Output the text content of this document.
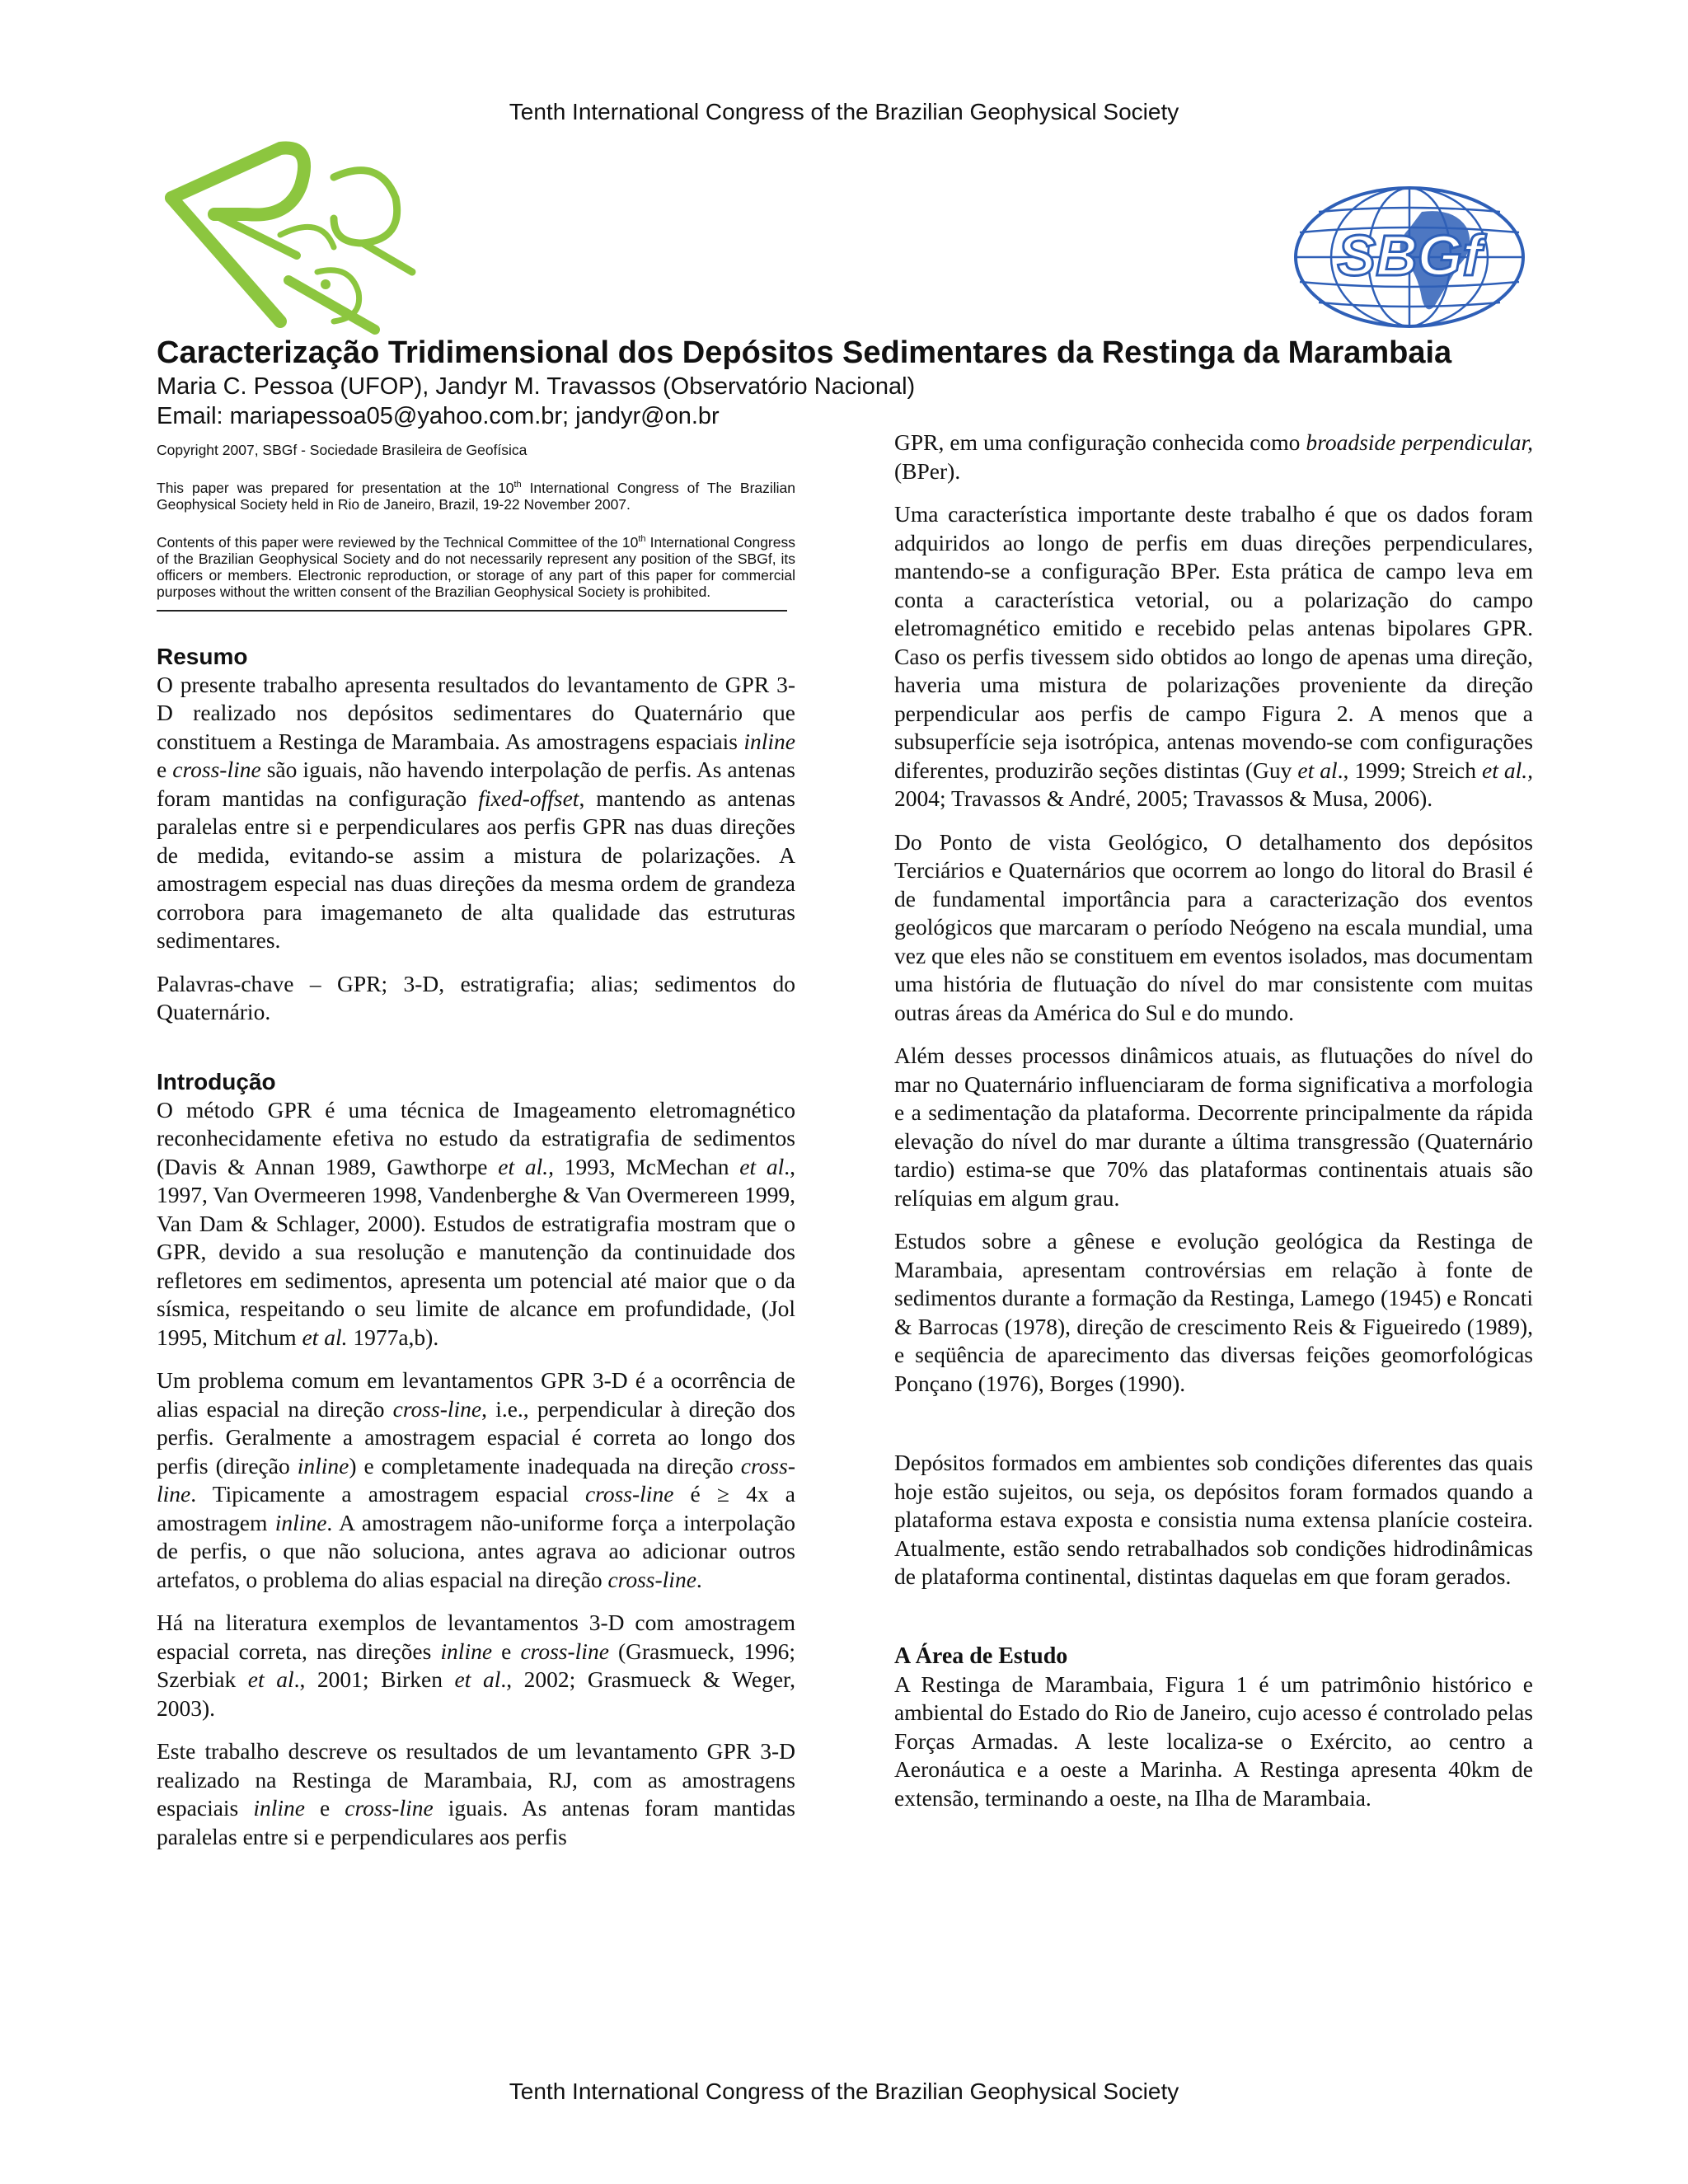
Tenth International Congress of the Brazilian Geophysical Society
SBGf
Caracterização Tridimensional dos Depósitos Sedimentares da Restinga da Marambaia

Maria C. Pessoa (UFOP), Jandyr M. Travassos (Observatório Nacional)

Email: mariapessoa05@yahoo.com.br; jandyr@on.br

Copyright 2007, SBGf - Sociedade Brasileira de Geofísica

This paper was prepared for presentation at the 10th International Congress of The Brazilian Geophysical Society held in Rio de Janeiro, Brazil, 19-22 November 2007.

Contents of this paper were reviewed by the Technical Committee of the 10th International Congress of the Brazilian Geophysical Society and do not necessarily represent any position of the SBGf, its officers or members. Electronic reproduction, or storage of any part of this paper for commercial purposes without the written consent of the Brazilian Geophysical Society is prohibited.

Resumo

O presente trabalho apresenta resultados do levantamento de GPR 3-D realizado nos depósitos sedimentares do Quaternário que constituem a Restinga de Marambaia. As amostragens espaciais inline e cross-line são iguais, não havendo interpolação de perfis. As antenas foram mantidas na configuração fixed-offset, mantendo as antenas paralelas entre si e perpendiculares aos perfis GPR nas duas direções de medida, evitando-se assim a mistura de polarizações. A amostragem especial nas duas direções da mesma ordem de grandeza corrobora para imagemaneto de alta qualidade das estruturas sedimentares.

Palavras-chave – GPR; 3-D, estratigrafia; alias; sedimentos do Quaternário.

Introdução

O método GPR é uma técnica de Imageamento eletromagnético reconhecidamente efetiva no estudo da estratigrafia de sedimentos (Davis & Annan 1989, Gawthorpe et al., 1993, McMechan et al., 1997, Van Overmeeren 1998, Vandenberghe & Van Overmereen 1999, Van Dam & Schlager, 2000). Estudos de estratigrafia mostram que o GPR, devido a sua resolução e manutenção da continuidade dos refletores em sedimentos, apresenta um potencial até maior que o da sísmica, respeitando o seu limite de alcance em profundidade, (Jol 1995, Mitchum et al. 1977a,b).

Um problema comum em levantamentos GPR 3-D é a ocorrência de alias espacial na direção cross-line, i.e., perpendicular à direção dos perfis. Geralmente a amostragem espacial é correta ao longo dos perfis (direção inline) e completamente inadequada na direção cross-line. Tipicamente a amostragem espacial cross-line é ≥ 4x a amostragem inline. A amostragem não-uniforme força a interpolação de perfis, o que não soluciona, antes agrava ao adicionar outros artefatos, o problema do alias espacial na direção cross-line.

Há na literatura exemplos de levantamentos 3-D com amostragem espacial correta, nas direções inline e cross-line (Grasmueck, 1996; Szerbiak et al., 2001; Birken et al., 2002; Grasmueck & Weger, 2003).

Este trabalho descreve os resultados de um levantamento GPR 3-D realizado na Restinga de Marambaia, RJ, com as amostragens espaciais inline e cross-line iguais. As antenas foram mantidas paralelas entre si e perpendiculares aos perfis

GPR, em uma configuração conhecida como broadside perpendicular, (BPer).

Uma característica importante deste trabalho é que os dados foram adquiridos ao longo de perfis em duas direções perpendiculares, mantendo-se a configuração BPer. Esta prática de campo leva em conta a característica vetorial, ou a polarização do campo eletromagnético emitido e recebido pelas antenas bipolares GPR. Caso os perfis tivessem sido obtidos ao longo de apenas uma direção, haveria uma mistura de polarizações proveniente da direção perpendicular aos perfis de campo Figura 2. A menos que a subsuperfície seja isotrópica, antenas movendo-se com configurações diferentes, produzirão seções distintas (Guy et al., 1999; Streich et al., 2004; Travassos & André, 2005; Travassos & Musa, 2006).

Do Ponto de vista Geológico, O detalhamento dos depósitos Terciários e Quaternários que ocorrem ao longo do litoral do Brasil é de fundamental importância para a caracterização dos eventos geológicos que marcaram o período Neógeno na escala mundial, uma vez que eles não se constituem em eventos isolados, mas documentam uma história de flutuação do nível do mar consistente com muitas outras áreas da América do Sul e do mundo.

Além desses processos dinâmicos atuais, as flutuações do nível do mar no Quaternário influenciaram de forma significativa a morfologia e a sedimentação da plataforma. Decorrente principalmente da rápida elevação do nível do mar durante a última transgressão (Quaternário tardio) estima-se que 70% das plataformas continentais atuais são relíquias em algum grau.

Estudos sobre a gênese e evolução geológica da Restinga de Marambaia, apresentam controvérsias em relação à fonte de sedimentos durante a formação da Restinga, Lamego (1945) e Roncati & Barrocas (1978), direção de crescimento Reis & Figueiredo (1989), e seqüência de aparecimento das diversas feições geomorfológicas Ponçano (1976), Borges (1990).

Depósitos formados em ambientes sob condições diferentes das quais hoje estão sujeitos, ou seja, os depósitos foram formados quando a plataforma estava exposta e consistia numa extensa planície costeira. Atualmente, estão sendo retrabalhados sob condições hidrodinâmicas de plataforma continental, distintas daquelas em que foram gerados.

A Área de Estudo

A Restinga de Marambaia, Figura 1 é um patrimônio histórico e ambiental do Estado do Rio de Janeiro, cujo acesso é controlado pelas Forças Armadas. A leste localiza-se o Exército, ao centro a Aeronáutica e a oeste a Marinha. A Restinga apresenta 40km de extensão, terminando a oeste, na Ilha de Marambaia.

Tenth International Congress of the Brazilian Geophysical Society
